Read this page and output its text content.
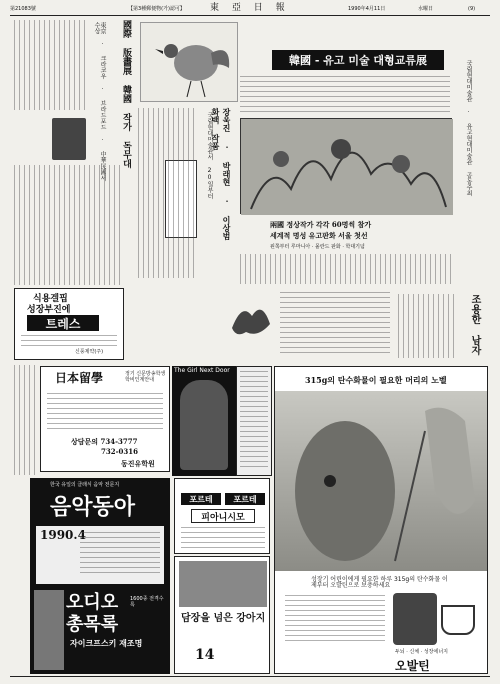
第21083號	【第3種郵便物(가)認可】	東 亞 日 報	1990年4月11日	水曜日	(9)
國際 版畵展 韓國 작가 독무대
東京 · 크라코우 · 브라드포드 · 中華民國서 수상
장욱진 · 박래현 · 이상범 화백 작품
국립현대미술관서 20일부터
韓國 - 유고 미술 대형교류展	국립현대미술관 · 유고현대미술관 공동주최
兩國 정상작가 각각 60명씩 참가
세계적 명성 유고판화 서울 첫선
왼쪽부터 루마니아 · 몰란드 판화 · 학대기념
식용겔핍
성장부진에
트레스
신풍제약(주)	조용한 남자
日本留學	정기 신문방송학생 학비인계안내
상담문의 734-3777
732-0316
동진유학원
한국 유일의 클래식 음악 전문지
음악동아
1990.4
오디오
총목록
1600종 전격수록
자이크프스키 재조명
The Girl Next Door
포르테	포르테
피아니시모
담장을 넘은 강아지
14
315g의 탄수화물이 필요한 머리의 노벨
성장기 어린이에게 필요한 하루 315g의 탄수화물 이제부터 오발틴으로 보충하세요
두뇌 · 신체 · 성장에너지
오발틴
